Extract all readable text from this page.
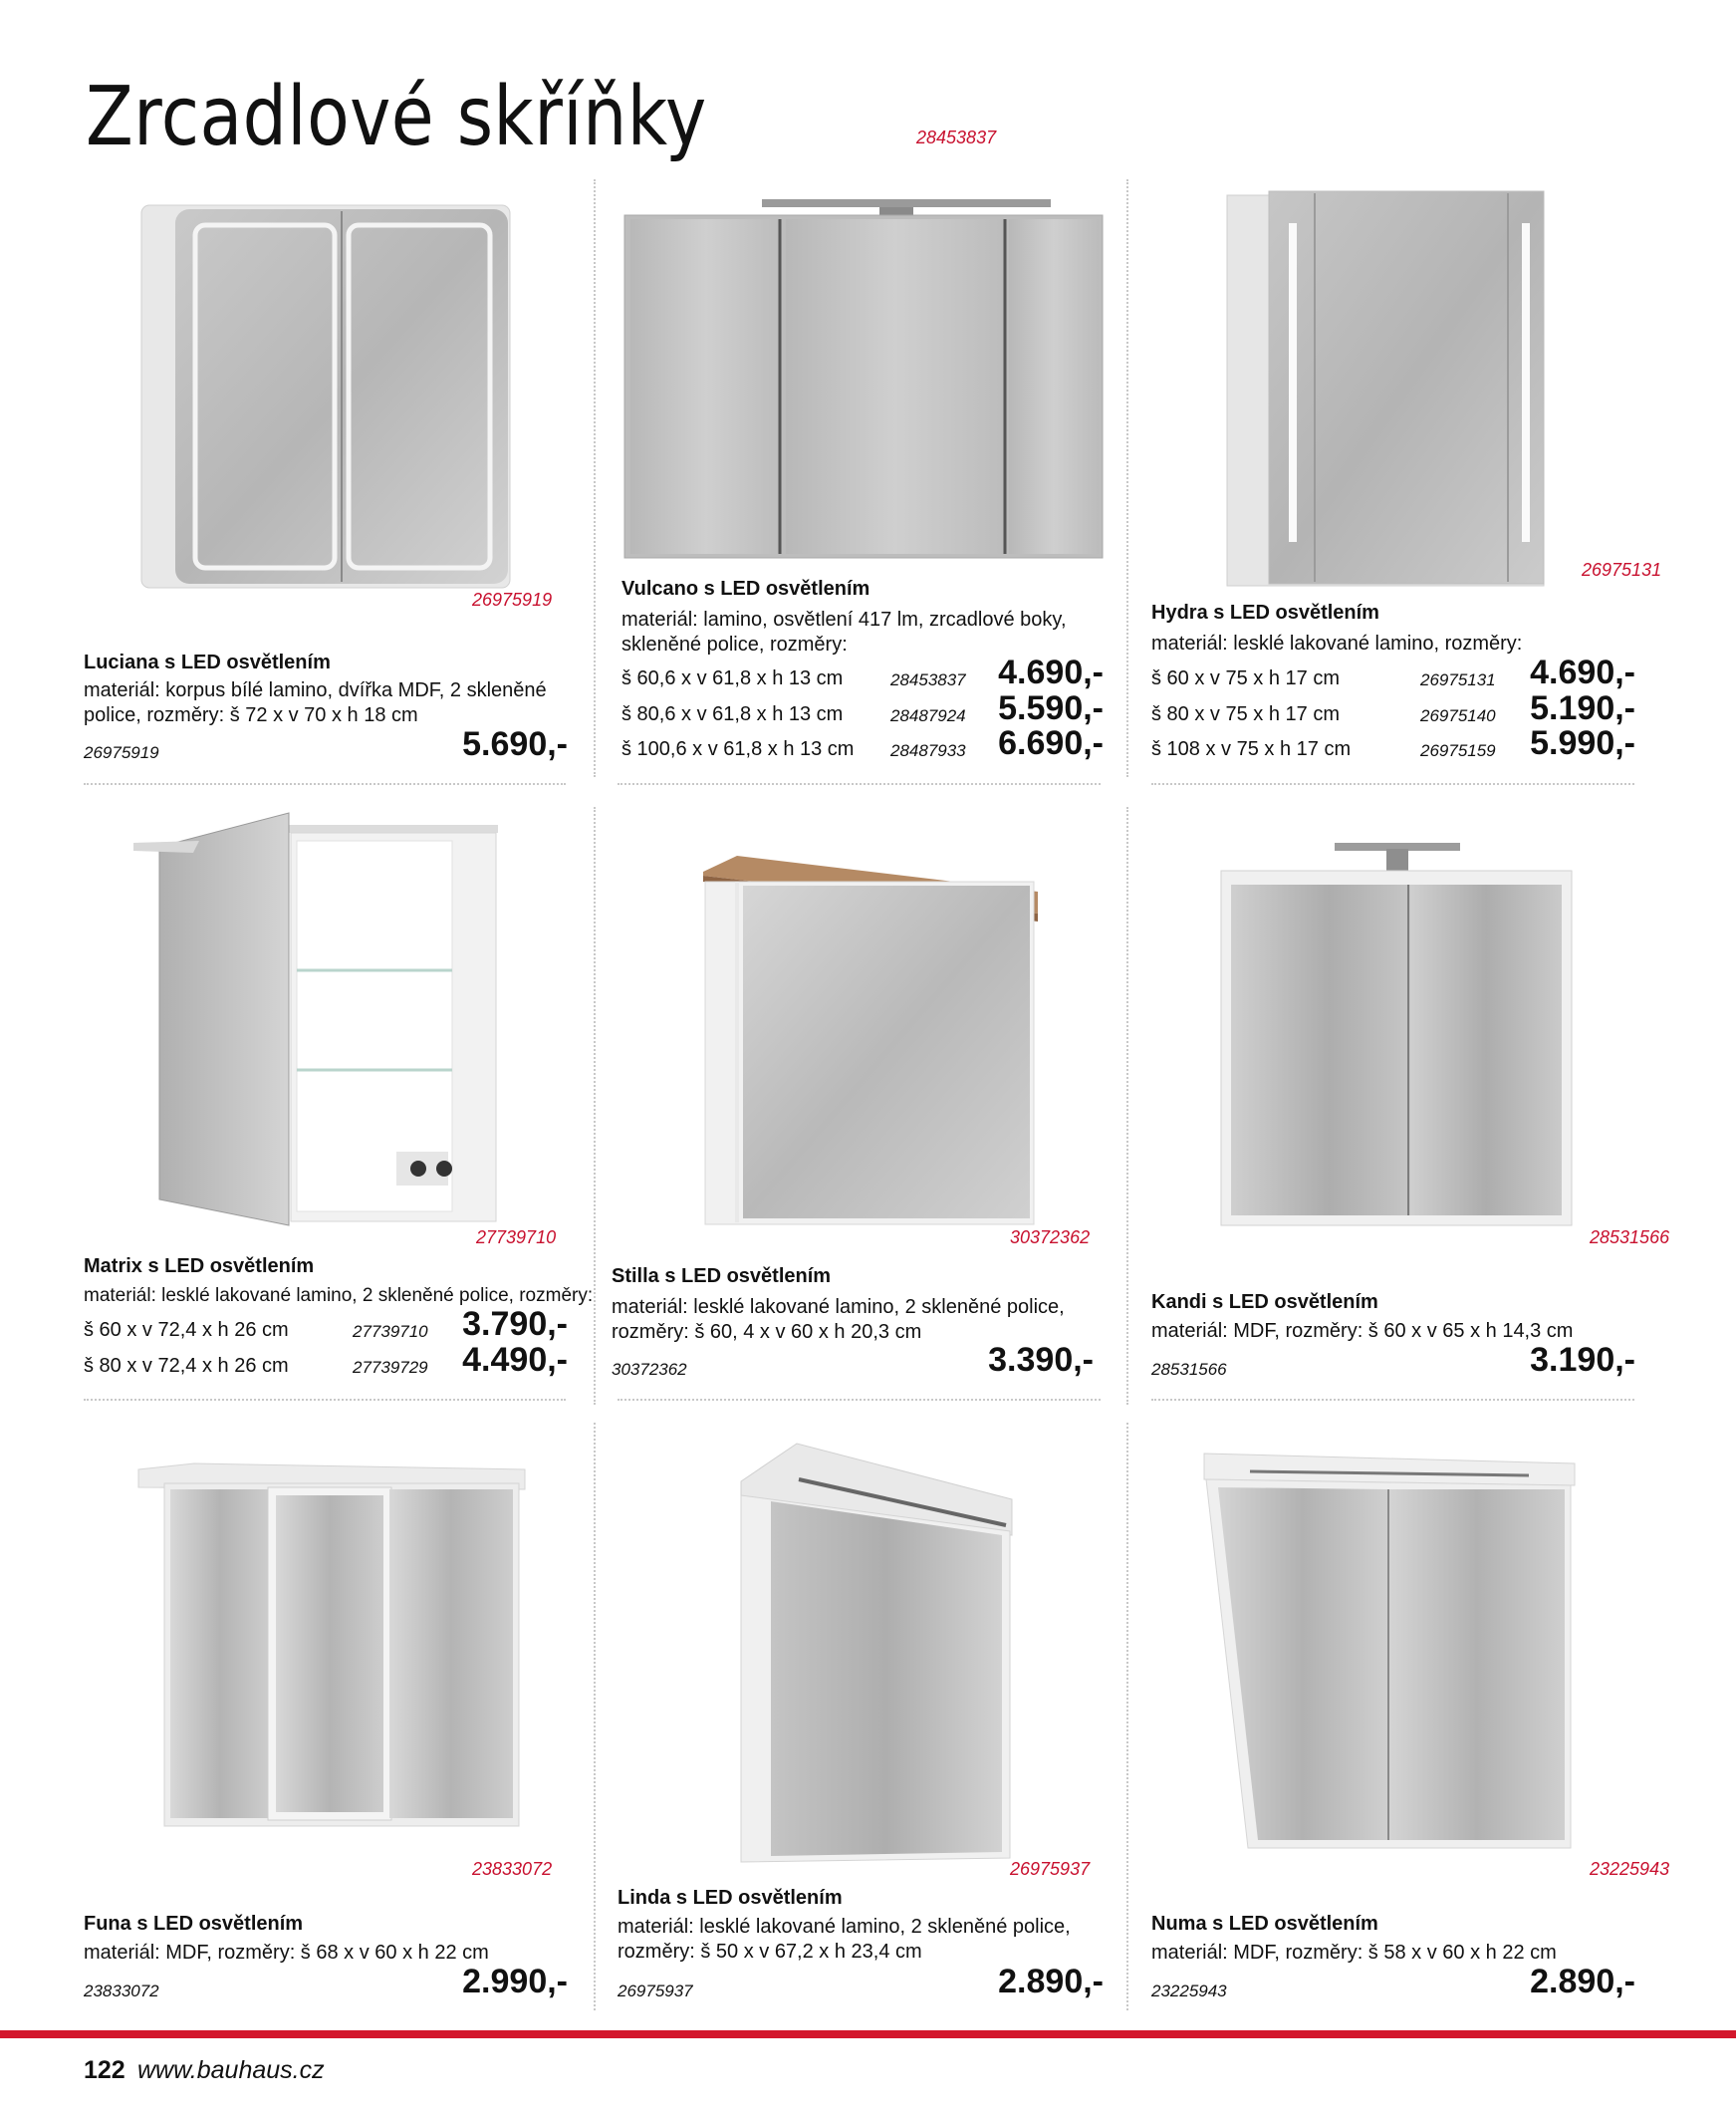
Zrcadlové skříňky	28453837
26975919
Luciana s LED osvětlením
materiál: korpus bílé lamino, dvířka MDF, 2 skleněné police, rozměry: š 72 x v 70 x h 18 cm
26975919	5.690,-
Vulcano s LED osvětlením
materiál: lamino, osvětlení 417 lm, zrcadlové boky, skleněné police, rozměry:
š 60,6 x v 61,8 x h 13 cm	28453837 4.690,-
š 80,6 x v 61,8 x h 13 cm	28487924 5.590,-
š 100,6 x v 61,8 x h 13 cm 28487933 6.690,-
26975131
Hydra s LED osvětlením
materiál: lesklé lakované lamino, rozměry:
š 60 x v 75 x h 17 cm	26975131	4.690,-
š 80 x v 75 x h 17 cm	26975140	5.190,-
š 108 x v 75 x h 17 cm	26975159	5.990,-
27739710
Matrix s LED osvětlením
materiál: lesklé lakované lamino, 2 skleněné police, rozměry:
š 60 x v 72,4 x h 26 cm	27739710	3.790,-
š 80 x v 72,4 x h 26 cm	27739729	4.490,-
30372362
Stilla s LED osvětlením
materiál: lesklé lakované lamino, 2 skleněné police, rozměry: š 60, 4 x v 60 x h 20,3 cm
30372362	3.390,-
28531566
Kandi s LED osvětlením
materiál: MDF, rozměry: š 60 x v 65 x h 14,3 cm
28531566	3.190,-
23833072
Funa s LED osvětlením
materiál: MDF, rozměry: š 68 x v 60 x h 22 cm
23833072	2.990,-
26975937
Linda s LED osvětlením
materiál: lesklé lakované lamino, 2 skleněné police, rozměry: š 50 x v 67,2 x h 23,4 cm
26975937	2.890,-
23225943
Numa s LED osvětlením
materiál: MDF, rozměry: š 58 x v 60 x h 22 cm
23225943	2.890,-
122 www.bauhaus.cz
